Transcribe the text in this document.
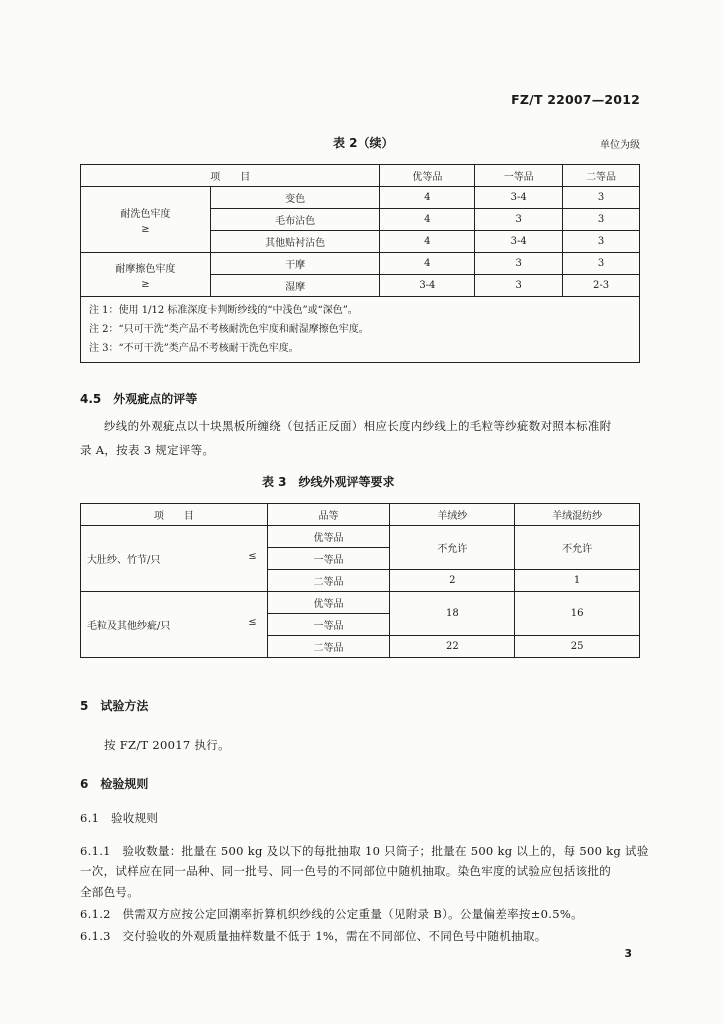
FZ/T 22007—2012
表 2（续）	单位为级
项　　目		优等品	一等品	二等品

耐洗色牢度
≥	变色	4	3-4	3
	毛布沾色	4	3	3
	其他贴衬沾色	4	3-4	3

耐摩擦色牢度
≥	干摩	4	3	3
	湿摩	3-4	3	2-3

注 1：使用 1/12 标准深度卡判断纱线的“中浅色”或“深色”。
注 2：“只可干洗”类产品不考核耐洗色牢度和耐湿摩擦色牢度。
注 3：“不可干洗”类产品不考核耐干洗色牢度。				
4.5　外观疵点的评等
纱线的外观疵点以十块黑板所缠绕（包括正反面）相应长度内纱线上的毛粒等纱疵数对照本标准附
录 A，按表 3 规定评等。
表 3　纱线外观评等要求
项　　目	品等	羊绒纱	羊绒混纺纱
大肚纱、竹节/只 ≤	优等品	不允许	不允许
	一等品		
	二等品	2	1
毛粒及其他纱疵/只 ≤	优等品	18	16
	一等品		
	二等品	22	25
5　试验方法
按 FZ/T 20017 执行。
6　检验规则
6.1　验收规则
6.1.1　验收数量：批量在 500 kg 及以下的每批抽取 10 只筒子；批量在 500 kg 以上的，每 500 kg 试验
一次，试样应在同一品种、同一批号、同一色号的不同部位中随机抽取。染色牢度的试验应包括该批的
全部色号。
6.1.2　供需双方应按公定回潮率折算机织纱线的公定重量（见附录 B）。公量偏差率按±0.5%。
6.1.3　交付验收的外观质量抽样数量不低于 1%，需在不同部位、不同色号中随机抽取。
3
